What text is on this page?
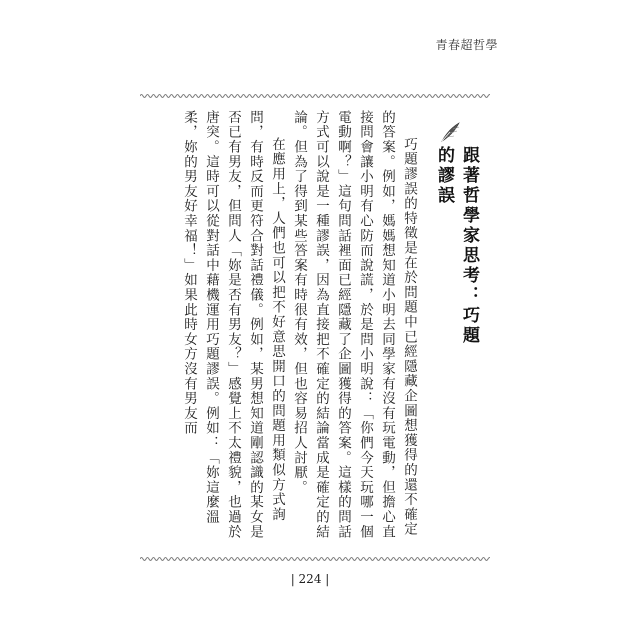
青春超哲學
跟著哲學家思考：巧題的謬誤

巧題謬誤的特徵是在於問題中已經隱藏企圖想獲得的還不確定的答案。例如，媽媽想知道小明去同學家有沒有玩電動，但擔心直接問會讓小明有心防而說謊，於是問小明說：「你們今天玩哪一個電動啊？」這句問話裡面已經隱藏了企圖獲得的答案。這樣的問話方式可以說是一種謬誤，因為直接把不確定的結論當成是確定的結論。但為了得到某些答案有時很有效，但也容易招人討厭。

在應用上，人們也可以把不好意思開口的問題用類似方式詢問，有時反而更符合對話禮儀。例如，某男想知道剛認識的某女是否已有男友，但問人「妳是否有男友？」感覺上不太禮貌，也過於唐突。這時可以從對話中藉機運用巧題謬誤。例如：「妳這麼溫柔，妳的男友好幸福！」如果此時女方沒有男友而

| 224 |
